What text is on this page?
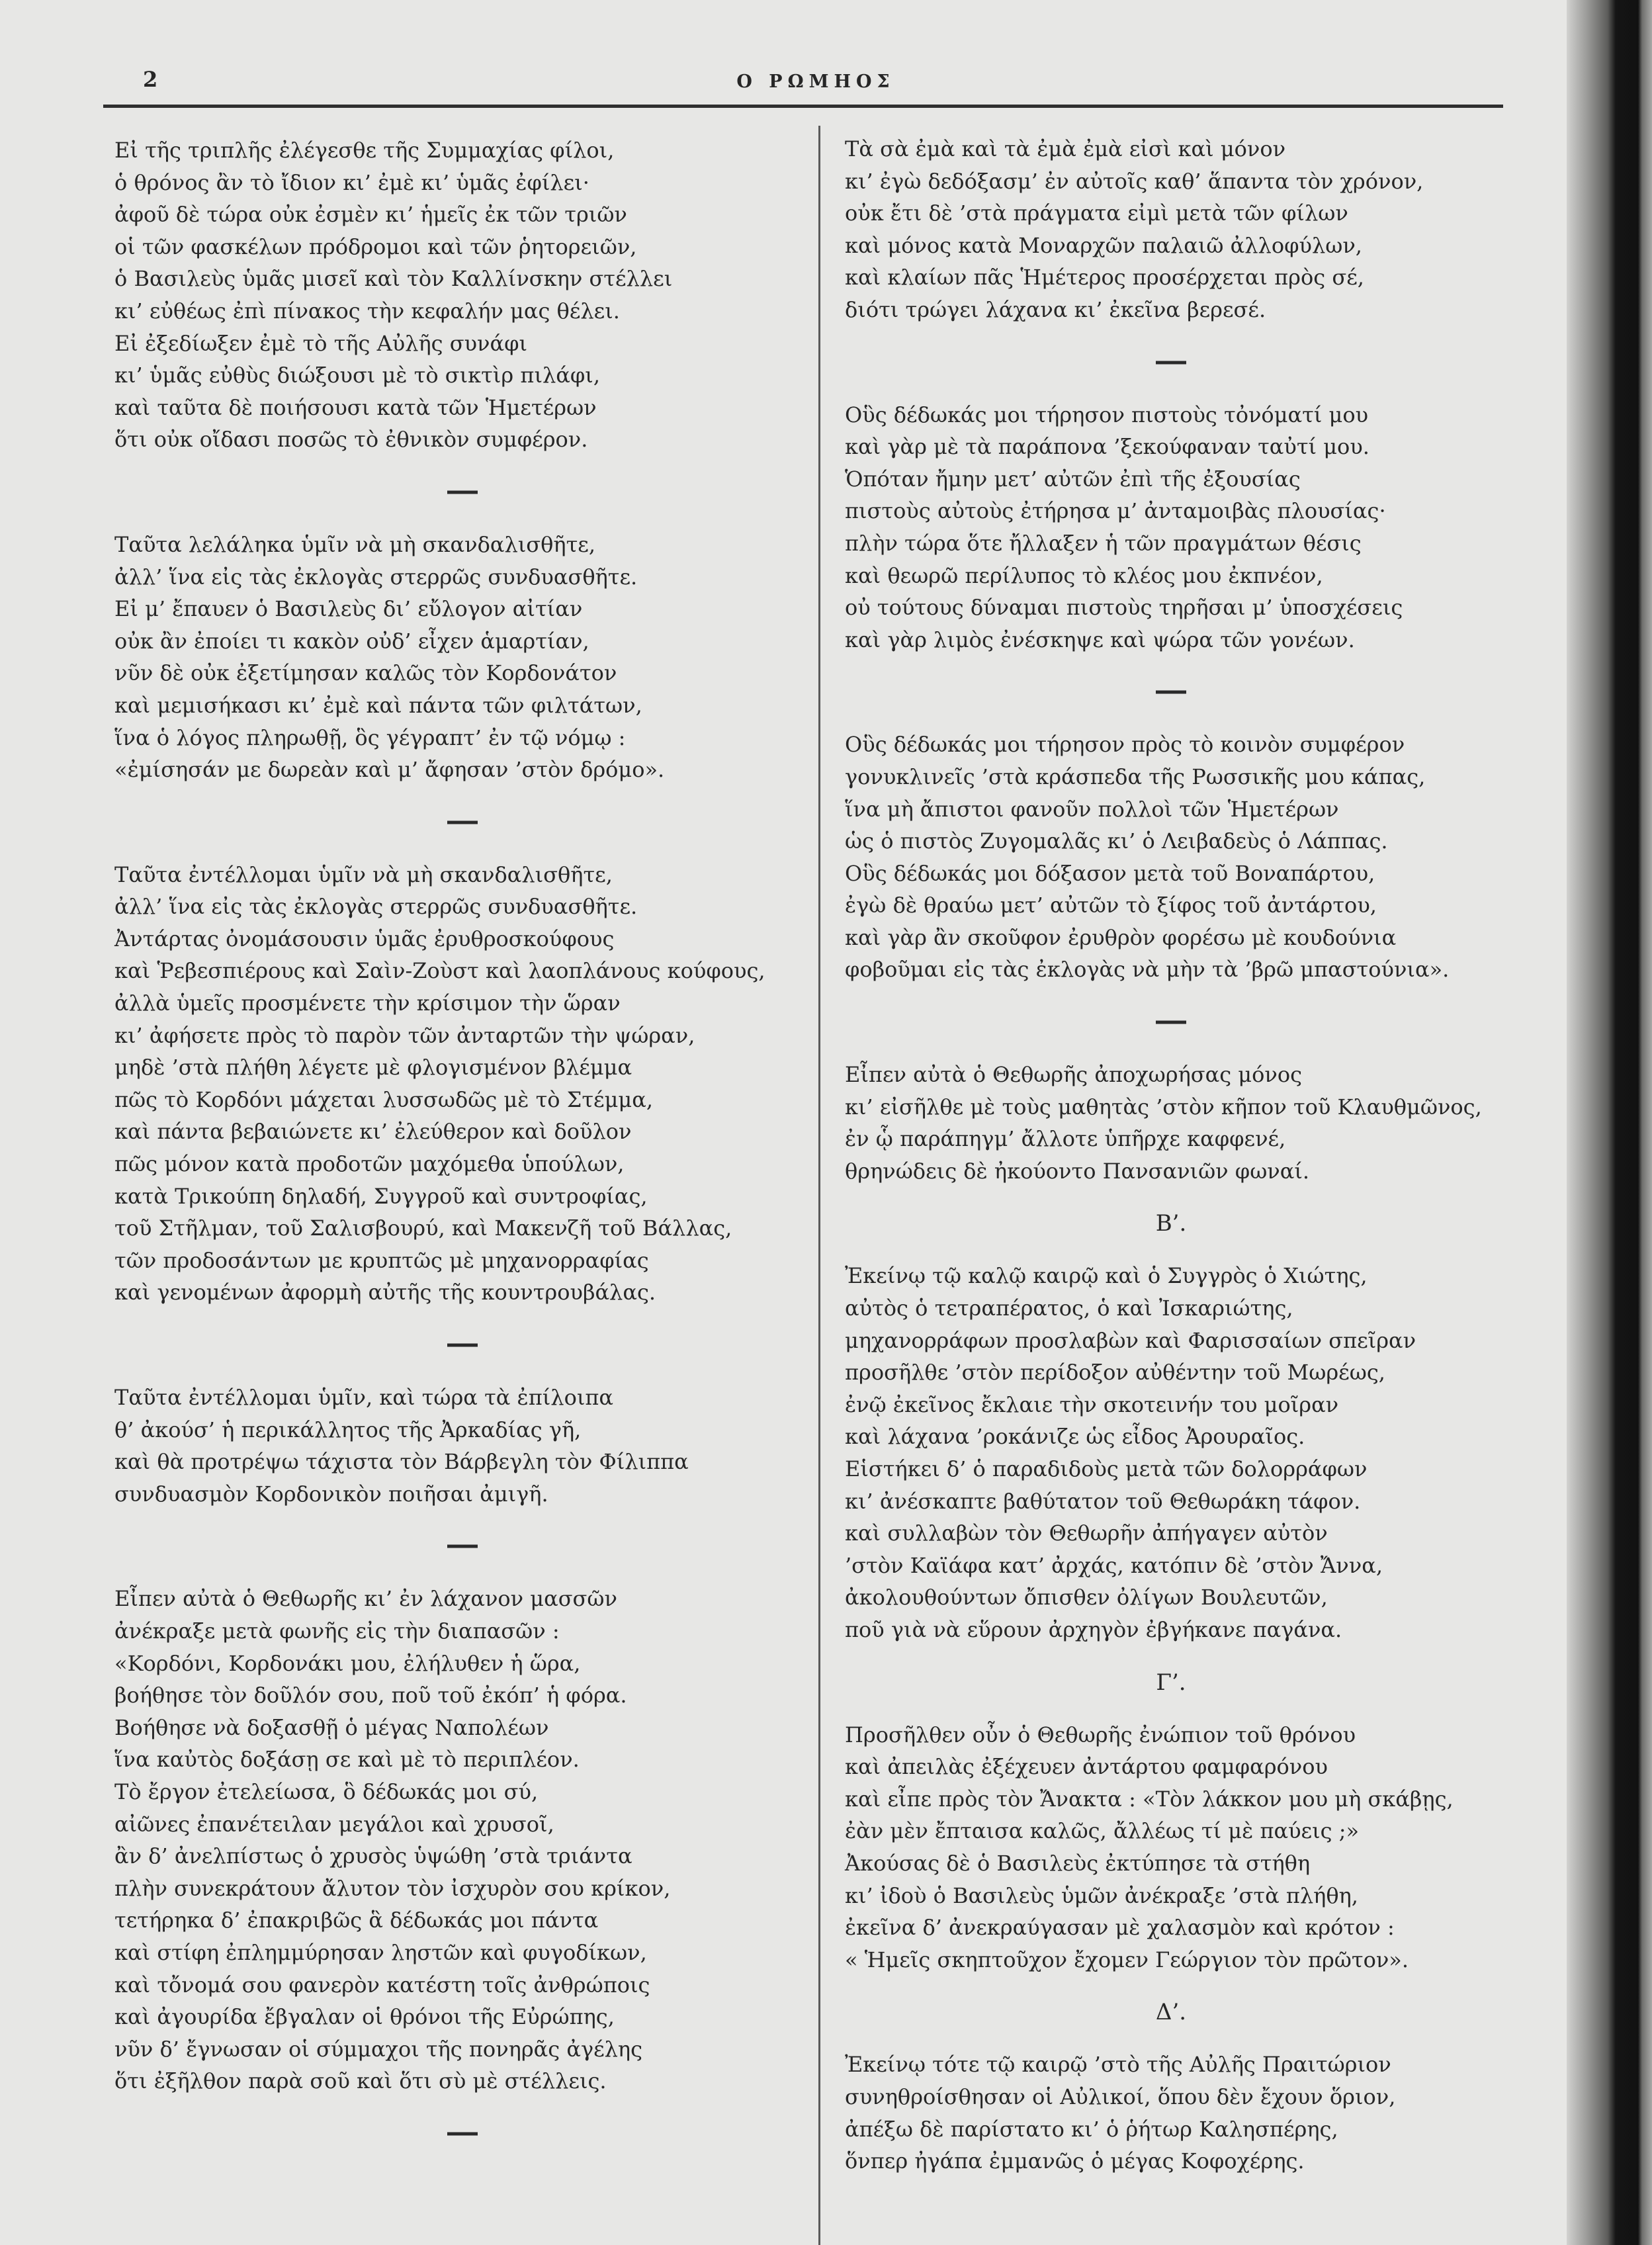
2	Ο ΡΩΜΗΟΣ
Εἰ τῆς τριπλῆς ἐλέγεσθε τῆς Συμμαχίας φίλοι,
ὁ θρόνος ἂν τὸ ἴδιον κι’ ἐμὲ κι’ ὑμᾶς ἐφίλει·
ἀφοῦ δὲ τώρα οὐκ ἐσμὲν κι’ ἡμεῖς ἐκ τῶν τριῶν
οἱ τῶν φασκέλων πρόδρομοι καὶ τῶν ῥητορειῶν,
ὁ Βασιλεὺς ὑμᾶς μισεῖ καὶ τὸν Καλλίνσκην στέλλει
κι’ εὐθέως ἐπὶ πίνακος τὴν κεφαλήν μας θέλει.
Εἰ ἐξεδίωξεν ἐμὲ τὸ τῆς Αὐλῆς συνάφι
κι’ ὑμᾶς εὐθὺς διώξουσι μὲ τὸ σικτὶρ πιλάφι,
καὶ ταῦτα δὲ ποιήσουσι κατὰ τῶν Ἡμετέρων
ὅτι οὐκ οἴδασι ποσῶς τὸ ἐθνικὸν συμφέρον.
Ταῦτα λελάληκα ὑμῖν νὰ μὴ σκανδαλισθῆτε,
ἀλλ’ ἵνα εἰς τὰς ἐκλογὰς στερρῶς συνδυασθῆτε.
Εἰ μ’ ἔπαυεν ὁ Βασιλεὺς δι’ εὔλογον αἰτίαν
οὐκ ἂν ἐποίει τι κακὸν οὐδ’ εἶχεν ἁμαρτίαν,
νῦν δὲ οὐκ ἐξετίμησαν καλῶς τὸν Κορδονάτον
καὶ μεμισήκασι κι’ ἐμὲ καὶ πάντα τῶν φιλτάτων,
ἵνα ὁ λόγος πληρωθῇ, ὃς γέγραπτ’ ἐν τῷ νόμῳ :
«ἐμίσησάν με δωρεὰν καὶ μ’ ἄφησαν ’στὸν δρόμο».
Ταῦτα ἐντέλλομαι ὑμῖν νὰ μὴ σκανδαλισθῆτε,
ἀλλ’ ἵνα εἰς τὰς ἐκλογὰς στερρῶς συνδυασθῆτε.
Ἀντάρτας ὀνομάσουσιν ὑμᾶς ἐρυθροσκούφους
καὶ Ῥεβεσπιέρους καὶ Σαὶν-Ζοὺστ καὶ λαοπλάνους κούφους,
ἀλλὰ ὑμεῖς προσμένετε τὴν κρίσιμον τὴν ὥραν
κι’ ἀφήσετε πρὸς τὸ παρὸν τῶν ἀνταρτῶν τὴν ψώραν,
μηδὲ ’στὰ πλήθη λέγετε μὲ φλογισμένον βλέμμα
πῶς τὸ Κορδόνι μάχεται λυσσωδῶς μὲ τὸ Στέμμα,
καὶ πάντα βεβαιώνετε κι’ ἐλεύθερον καὶ δοῦλον
πῶς μόνον κατὰ προδοτῶν μαχόμεθα ὑπούλων,
κατὰ Τρικούπη δηλαδή, Συγγροῦ καὶ συντροφίας,
τοῦ Στῆλμαν, τοῦ Σαλισβουρύ, καὶ Μακενζῆ τοῦ Βάλλας,
τῶν προδοσάντων με κρυπτῶς μὲ μηχανορραφίας
καὶ γενομένων ἀφορμὴ αὐτῆς τῆς κουντρουβάλας.
Ταῦτα ἐντέλλομαι ὑμῖν, καὶ τώρα τὰ ἐπίλοιπα
θ’ ἀκούσ’ ἡ περικάλλητος τῆς Ἀρκαδίας γῆ,
καὶ θὰ προτρέψω τάχιστα τὸν Βάρβεγλη τὸν Φίλιππα
συνδυασμὸν Κορδονικὸν ποιῆσαι ἀμιγῆ.
Εἶπεν αὐτὰ ὁ Θεθωρῆς κι’ ἐν λάχανον μασσῶν
ἀνέκραξε μετὰ φωνῆς εἰς τὴν διαπασῶν :
«Κορδόνι, Κορδονάκι μου, ἐλήλυθεν ἡ ὥρα,
βοήθησε τὸν δοῦλόν σου, ποῦ τοῦ ἐκόπ’ ἡ φόρα.
Βοήθησε νὰ δοξασθῇ ὁ μέγας Ναπολέων
ἵνα καὐτὸς δοξάσῃ σε καὶ μὲ τὸ περιπλέον.
Τὸ ἔργον ἐτελείωσα, ὃ δέδωκάς μοι σύ,
αἰῶνες ἐπανέτειλαν μεγάλοι καὶ χρυσοῖ,
ἂν δ’ ἀνελπίστως ὁ χρυσὸς ὑψώθη ’στὰ τριάντα
πλὴν συνεκράτουν ἄλυτον τὸν ἰσχυρὸν σου κρίκον,
τετήρηκα δ’ ἐπακριβῶς ἃ δέδωκάς μοι πάντα
καὶ στίφη ἐπλημμύρησαν ληστῶν καὶ φυγοδίκων,
καὶ τὄνομά σου φανερὸν κατέστη τοῖς ἀνθρώποις
καὶ ἀγουρίδα ἔβγαλαν οἱ θρόνοι τῆς Εὐρώπης,
νῦν δ’ ἔγνωσαν οἱ σύμμαχοι τῆς πονηρᾶς ἀγέλης
ὅτι ἐξῆλθον παρὰ σοῦ καὶ ὅτι σὺ μὲ στέλλεις.
Τὰ σὰ ἐμὰ καὶ τὰ ἐμὰ ἐμὰ εἰσὶ καὶ μόνον
κι’ ἐγὼ δεδόξασμ’ ἐν αὐτοῖς καθ’ ἅπαντα τὸν χρόνον,
οὐκ ἔτι δὲ ’στὰ πράγματα εἰμὶ μετὰ τῶν φίλων
καὶ μόνος κατὰ Μοναρχῶν παλαιῶ ἀλλοφύλων,
καὶ κλαίων πᾶς Ἡμέτερος προσέρχεται πρὸς σέ,
διότι τρώγει λάχανα κι’ ἐκεῖνα βερεσέ.
Οὓς δέδωκάς μοι τήρησον πιστοὺς τὀνόματί μου
καὶ γὰρ μὲ τὰ παράπονα ’ξεκούφαναν ταὐτί μου.
Ὁπόταν ἤμην μετ’ αὐτῶν ἐπὶ τῆς ἐξουσίας
πιστοὺς αὐτοὺς ἐτήρησα μ’ ἀνταμοιβὰς πλουσίας·
πλὴν τώρα ὅτε ἤλλαξεν ἡ τῶν πραγμάτων θέσις
καὶ θεωρῶ περίλυπος τὸ κλέος μου ἐκπνέον,
οὐ τούτους δύναμαι πιστοὺς τηρῆσαι μ’ ὑποσχέσεις
καὶ γὰρ λιμὸς ἐνέσκηψε καὶ ψώρα τῶν γονέων.
Οὓς δέδωκάς μοι τήρησον πρὸς τὸ κοινὸν συμφέρον
γονυκλινεῖς ’στὰ κράσπεδα τῆς Ρωσσικῆς μου κάπας,
ἵνα μὴ ἄπιστοι φανοῦν πολλοὶ τῶν Ἡμετέρων
ὡς ὁ πιστὸς Ζυγομαλᾶς κι’ ὁ Λειβαδεὺς ὁ Λάππας.
Οὓς δέδωκάς μοι δόξασον μετὰ τοῦ Βοναπάρτου,
ἐγὼ δὲ θραύω μετ’ αὐτῶν τὸ ξίφος τοῦ ἀντάρτου,
καὶ γὰρ ἂν σκοῦφον ἐρυθρὸν φορέσω μὲ κουδούνια
φοβοῦμαι εἰς τὰς ἐκλογὰς νὰ μὴν τὰ ’βρῶ μπαστούνια».
Εἶπεν αὐτὰ ὁ Θεθωρῆς ἀποχωρήσας μόνος
κι’ εἰσῆλθε μὲ τοὺς μαθητὰς ’στὸν κῆπον τοῦ Κλαυθμῶνος,
ἐν ᾧ παράπηγμ’ ἄλλοτε ὑπῆρχε καφφενέ,
θρηνώδεις δὲ ἠκούοντο Πανσανιῶν φωναί.
Β’.
Ἐκείνῳ τῷ καλῷ καιρῷ καὶ ὁ Συγγρὸς ὁ Χιώτης,
αὐτὸς ὁ τετραπέρατος, ὁ καὶ Ἰσκαριώτης,
μηχανορράφων προσλαβὼν καὶ Φαρισσαίων σπεῖραν
προσῆλθε ’στὸν περίδοξον αὐθέντην τοῦ Μωρέως,
ἐνῷ ἐκεῖνος ἔκλαιε τὴν σκοτεινήν του μοῖραν
καὶ λάχανα ’ροκάνιζε ὡς εἶδος Ἀρουραῖος.
Εἱστήκει δ’ ὁ παραδιδοὺς μετὰ τῶν δολορράφων
κι’ ἀνέσκαπτε βαθύτατον τοῦ Θεθωράκη τάφον.
καὶ συλλαβὼν τὸν Θεθωρῆν ἀπήγαγεν αὐτὸν
’στὸν Καϊάφα κατ’ ἀρχάς, κατόπιν δὲ ’στὸν Ἄννα,
ἀκολουθούντων ὄπισθεν ὀλίγων Βουλευτῶν,
ποῦ γιὰ νὰ εὕρουν ἀρχηγὸν ἐβγήκανε παγάνα.
Γ’.
Προσῆλθεν οὖν ὁ Θεθωρῆς ἐνώπιον τοῦ θρόνου
καὶ ἀπειλὰς ἐξέχευεν ἀντάρτου φαμφαρόνου
καὶ εἶπε πρὸς τὸν Ἄνακτα : «Τὸν λάκκον μου μὴ σκάβῃς,
ἐὰν μὲν ἔπταισα καλῶς, ἄλλέως τί μὲ παύεις ;»
Ἀκούσας δὲ ὁ Βασιλεὺς ἐκτύπησε τὰ στήθη
κι’ ἰδοὺ ὁ Βασιλεὺς ὑμῶν ἀνέκραξε ’στὰ πλήθη,
ἐκεῖνα δ’ ἀνεκραύγασαν μὲ χαλασμὸν καὶ κρότον :
« Ἡμεῖς σκηπτοῦχον ἔχομεν Γεώργιον τὸν πρῶτον».
Δ’.
Ἐκείνῳ τότε τῷ καιρῷ ’στὸ τῆς Αὐλῆς Πραιτώριον
συνηθροίσθησαν οἱ Αὐλικοί, ὅπου δὲν ἔχουν ὅριον,
ἀπέξω δὲ παρίστατο κι’ ὁ ῥήτωρ Καλησπέρης,
ὅνπερ ἠγάπα ἐμμανῶς ὁ μέγας Κοφοχέρης.
